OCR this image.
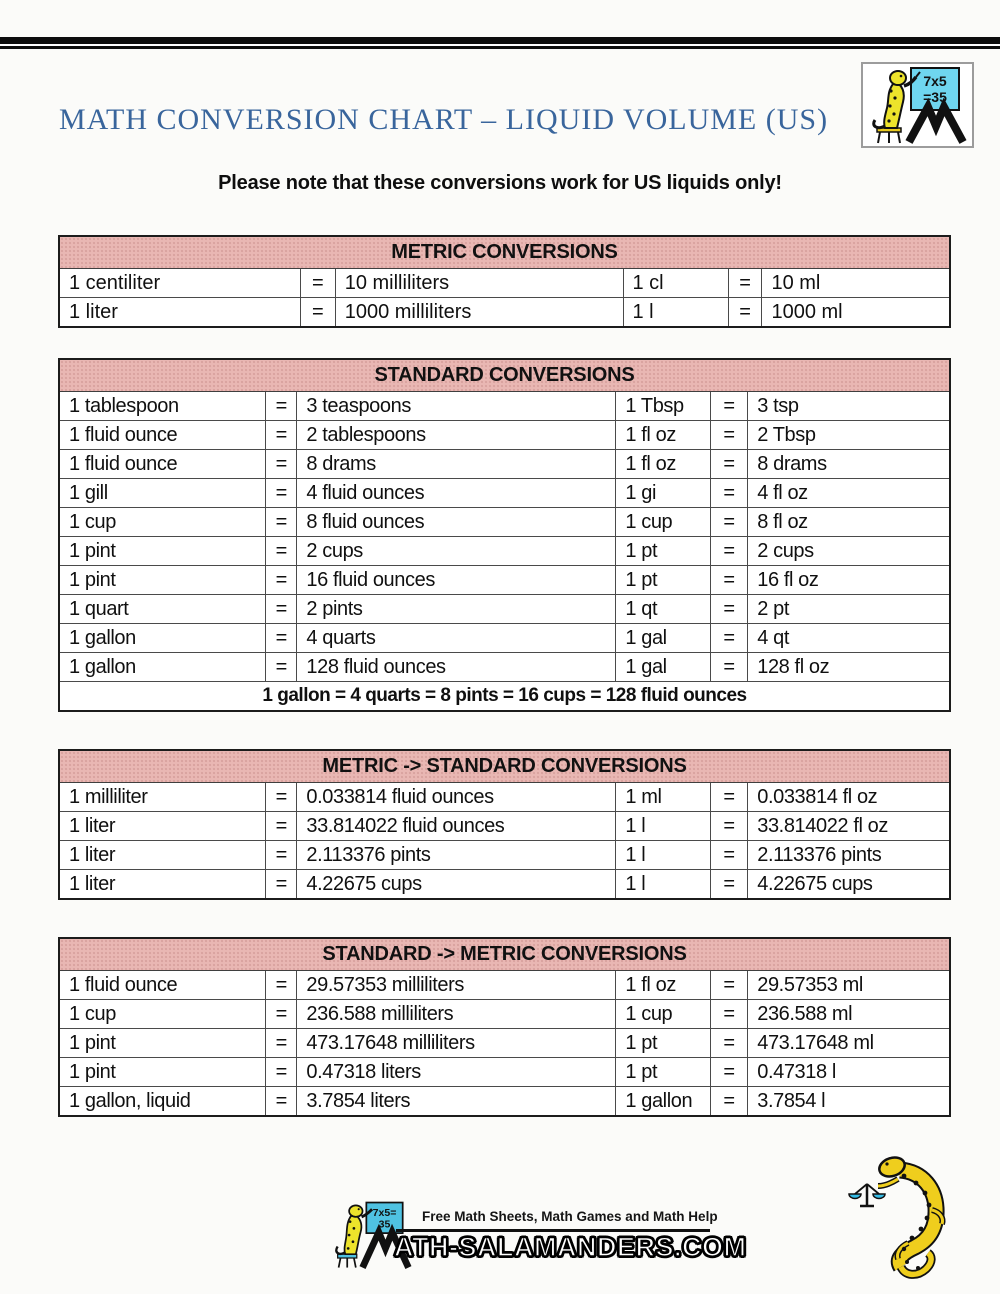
7x5
=35
MATH CONVERSION CHART – LIQUID VOLUME (US)
Please note that these conversions work for US liquids only!
METRIC CONVERSIONS					
1 centiliter	=	10 milliliters	1 cl	=	10 ml
1 liter	=	1000 milliliters	1 l	=	1000 ml
STANDARD CONVERSIONS					
1 tablespoon	=	3 teaspoons	1 Tbsp	=	3 tsp
1 fluid ounce	=	2 tablespoons	1 fl oz	=	2 Tbsp
1 fluid ounce	=	8 drams	1 fl oz	=	8 drams
1 gill	=	4 fluid ounces	1 gi	=	4 fl oz
1 cup	=	8 fluid ounces	1 cup	=	8 fl oz
1 pint	=	2 cups	1 pt	=	2 cups
1 pint	=	16 fluid ounces	1 pt	=	16 fl oz
1 quart	=	2 pints	1 qt	=	2 pt
1 gallon	=	4 quarts	1 gal	=	4 qt
1 gallon	=	128 fluid ounces	1 gal	=	128 fl oz
1 gallon = 4 quarts = 8 pints = 16 cups = 128 fluid ounces					
METRIC -> STANDARD CONVERSIONS					
1 milliliter	=	0.033814 fluid ounces	1 ml	=	0.033814 fl oz
1 liter	=	33.814022 fluid ounces	1 l	=	33.814022 fl oz
1 liter	=	2.113376 pints	1 l	=	2.113376 pints
1 liter	=	4.22675 cups	1 l	=	4.22675 cups
STANDARD -> METRIC CONVERSIONS					
1 fluid ounce	=	29.57353 milliliters	1 fl oz	=	29.57353 ml
1 cup	=	236.588 milliliters	1 cup	=	236.588 ml
1 pint	=	473.17648 milliliters	1 pt	=	473.17648 ml
1 pint	=	0.47318 liters	1 pt	=	0.47318 l
1 gallon, liquid	=	3.7854 liters	1 gallon	=	3.7854 l
7x5=
35
Free Math Sheets, Math Games and Math Help
ATH-SALAMANDERS.COM
